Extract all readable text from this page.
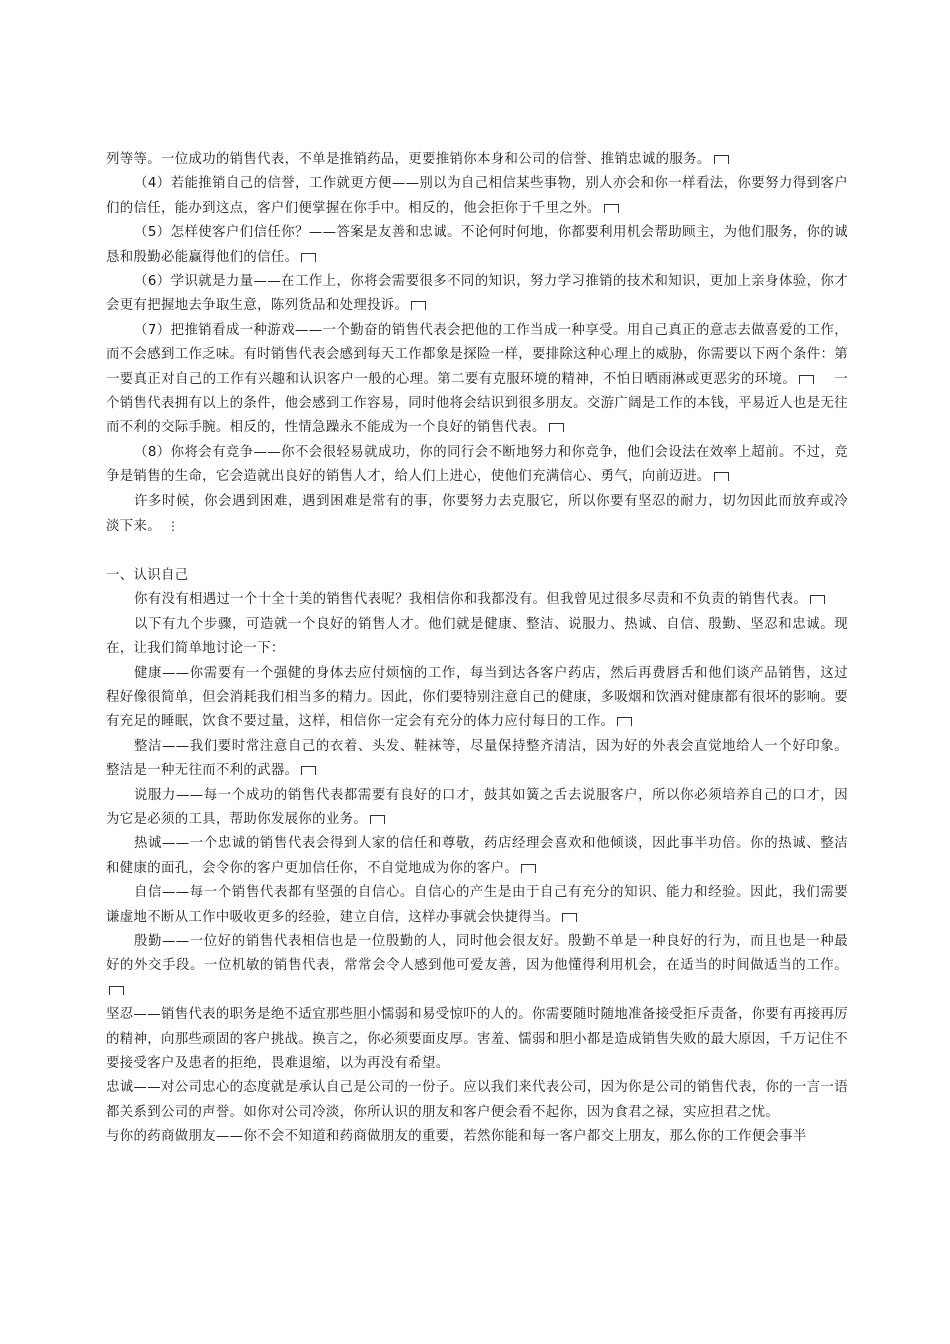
列等等。一位成功的销售代表，不单是推销药品，更要推销你本身和公司的信誉、推销忠诚的服务。

（4）若能推销自己的信誉，工作就更方便——别以为自己相信某些事物，别人亦会和你一样看法，你要努力得到客户们的信任，能办到这点，客户们便掌握在你手中。相反的，他会拒你于千里之外。

（5）怎样使客户们信任你？——答案是友善和忠诚。不论何时何地，你都要利用机会帮助顾主，为他们服务，你的诚恳和殷勤必能赢得他们的信任。

（6）学识就是力量——在工作上，你将会需要很多不同的知识，努力学习推销的技术和知识，更加上亲身体验，你才会更有把握地去争取生意，陈列货品和处理投诉。

（7）把推销看成一种游戏——一个勤奋的销售代表会把他的工作当成一种享受。用自己真正的意志去做喜爱的工作，而不会感到工作乏味。有时销售代表会感到每天工作都象是探险一样，要排除这种心理上的威胁，你需要以下两个条件：第一要真正对自己的工作有兴趣和认识客户一般的心理。第二要有克服环境的精神，不怕日晒雨淋或更恶劣的环境。	一个销售代表拥有以上的条件，他会感到工作容易，同时他将会结识到很多朋友。交游广阔是工作的本钱，平易近人也是无往而不利的交际手腕。相反的，性情急躁永不能成为一个良好的销售代表。

（8）你将会有竞争——你不会很轻易就成功，你的同行会不断地努力和你竞争，他们会设法在效率上超前。不过，竞争是销售的生命，它会造就出良好的销售人才，给人们上进心，使他们充满信心、勇气，向前迈进。

许多时候，你会遇到困难，遇到困难是常有的事，你要努力去克服它，所以你要有坚忍的耐力，切勿因此而放弃或冷淡下来。 ⋮

一、认识自己

你有没有相遇过一个十全十美的销售代表呢？我相信你和我都没有。但我曾见过很多尽责和不负责的销售代表。

以下有九个步骤，可造就一个良好的销售人才。他们就是健康、整洁、说服力、热诚、自信、殷勤、坚忍和忠诚。现在，让我们简单地讨论一下：

健康——你需要有一个强健的身体去应付烦恼的工作，每当到达各客户药店，然后再费唇舌和他们谈产品销售，这过程好像很简单，但会消耗我们相当多的精力。因此，你们要特别注意自己的健康，多吸烟和饮酒对健康都有很坏的影响。要有充足的睡眠，饮食不要过量，这样，相信你一定会有充分的体力应付每日的工作。

整洁——我们要时常注意自己的衣着、头发、鞋袜等，尽量保持整齐清洁，因为好的外表会直觉地给人一个好印象。整洁是一种无往而不利的武器。

说服力——每一个成功的销售代表都需要有良好的口才，鼓其如簧之舌去说服客户，所以你必须培养自己的口才，因为它是必须的工具，帮助你发展你的业务。

热诚——一个忠诚的销售代表会得到人家的信任和尊敬，药店经理会喜欢和他倾谈，因此事半功倍。你的热诚、整洁和健康的面孔，会令你的客户更加信任你，不自觉地成为你的客户。

自信——每一个销售代表都有坚强的自信心。自信心的产生是由于自己有充分的知识、能力和经验。因此，我们需要谦虚地不断从工作中吸收更多的经验，建立自信，这样办事就会快捷得当。

殷勤——一位好的销售代表相信也是一位殷勤的人，同时他会很友好。殷勤不单是一种良好的行为，而且也是一种最好的外交手段。一位机敏的销售代表，常常会令人感到他可爱友善，因为他懂得利用机会，在适当的时间做适当的工作。

坚忍——销售代表的职务是绝不适宜那些胆小懦弱和易受惊吓的人的。你需要随时随地准备接受拒斥责备，你要有再接再厉的精神，向那些顽固的客户挑战。换言之，你必须要面皮厚。害羞、懦弱和胆小都是造成销售失败的最大原因，千万记住不要接受客户及患者的拒绝，畏难退缩，以为再没有希望。

忠诚——对公司忠心的态度就是承认自己是公司的一份子。应以我们来代表公司，因为你是公司的销售代表，你的一言一语都关系到公司的声誉。如你对公司冷淡，你所认识的朋友和客户便会看不起你，因为食君之禄，实应担君之忧。

与你的药商做朋友——你不会不知道和药商做朋友的重要，若然你能和每一客户都交上朋友，那么你的工作便会事半
